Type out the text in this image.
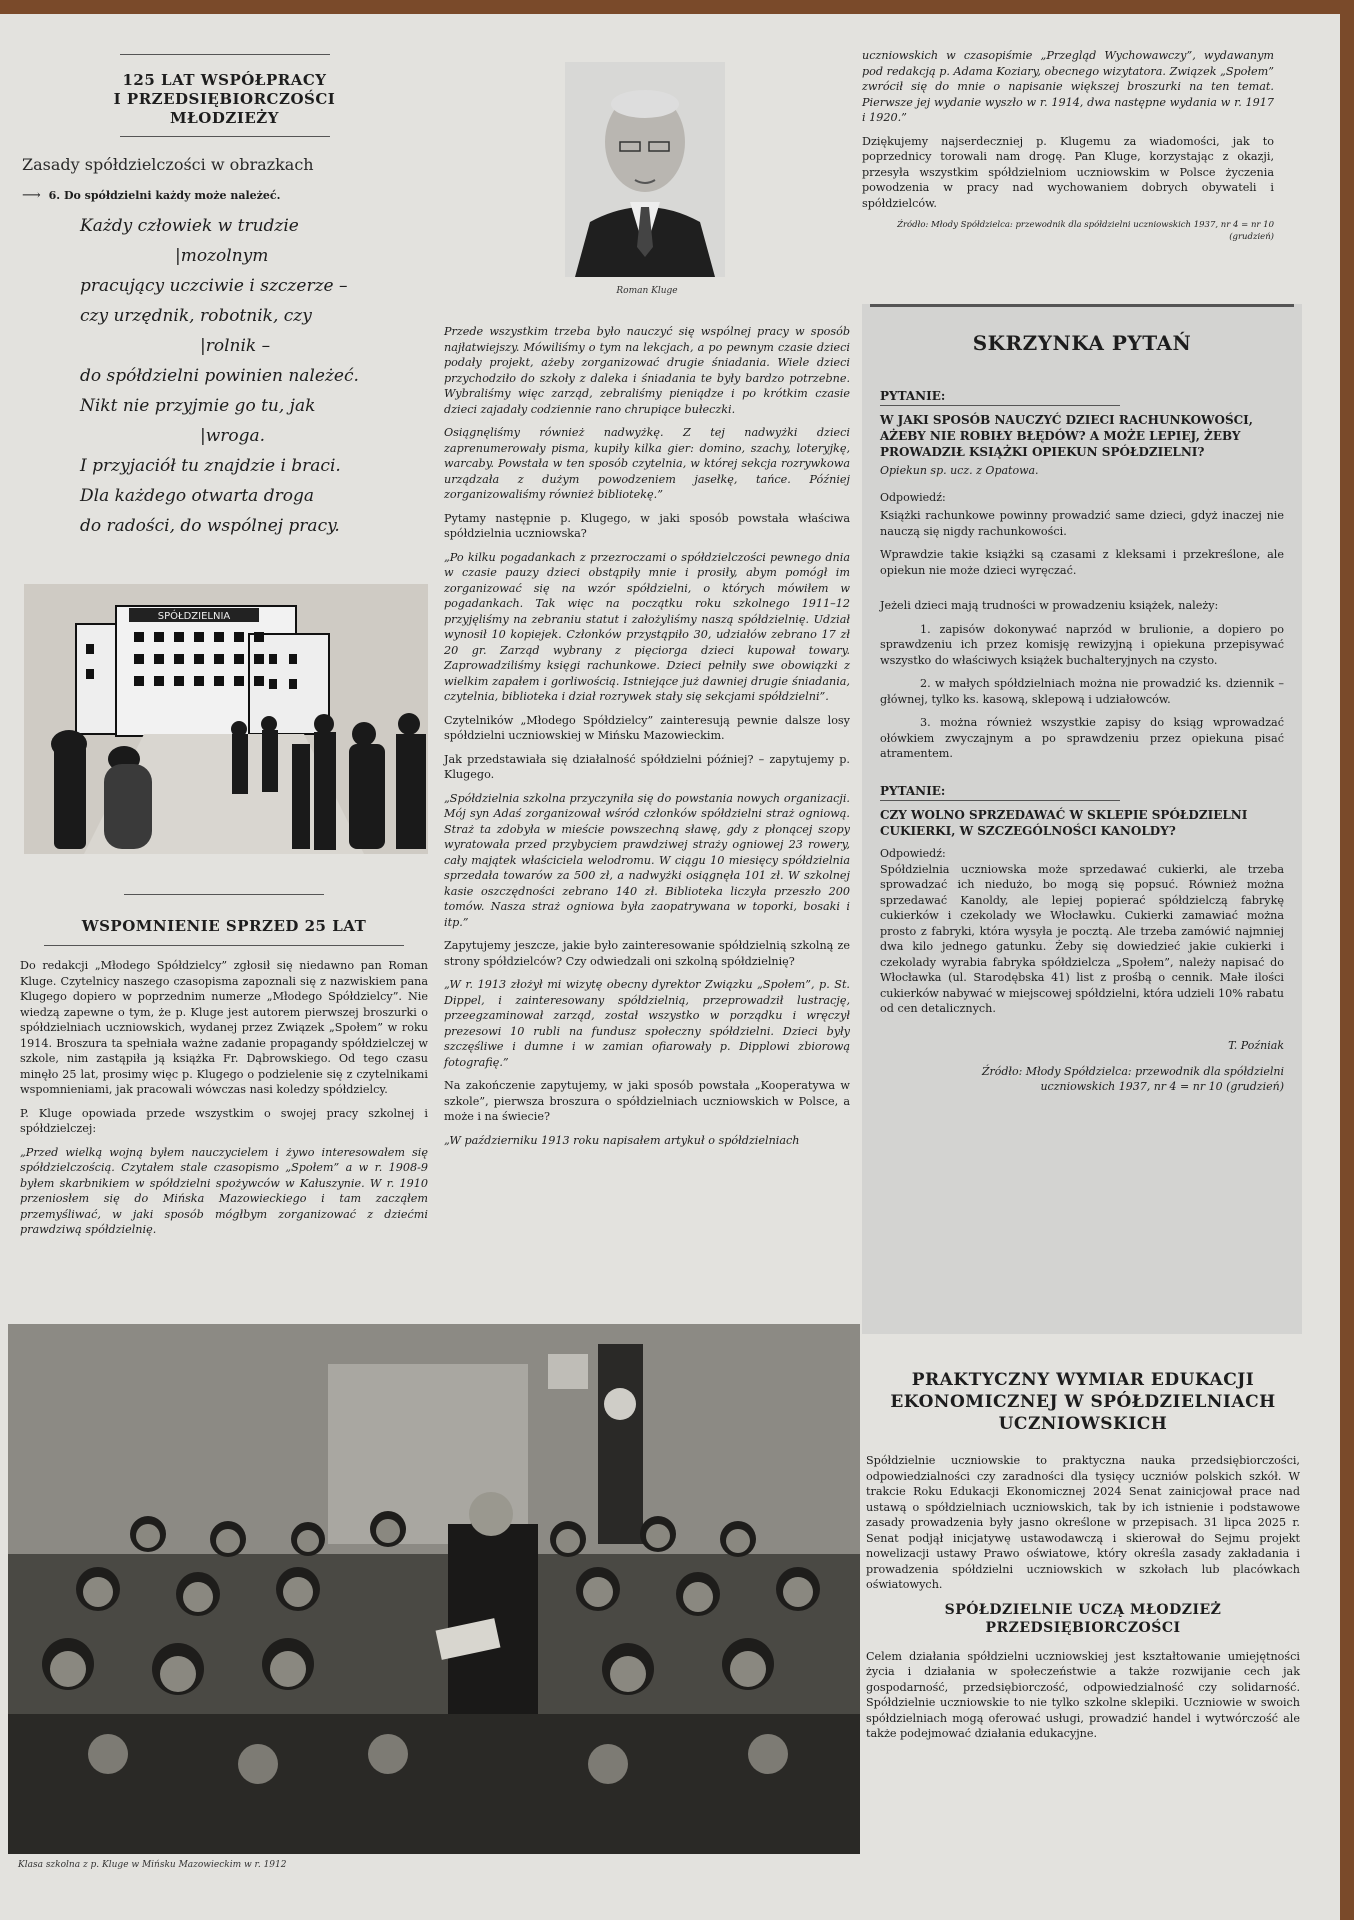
125 LAT WSPÓŁPRACY
I PRZEDSIĘBIORCZOŚCI
MŁODZIEŻY
Zasady spółdzielczości w obrazkach
⟶ 6. Do spółdzielni każdy może należeć.
Każdy człowiek w trudzie
|mozolnym
pracujący uczciwie i szczerze –
czy urzędnik, robotnik, czy
|rolnik –
do spółdzielni powinien należeć.
Nikt nie przyjmie go tu, jak
|wroga.
I przyjaciół tu znajdzie i braci.
Dla każdego otwarta droga
do radości, do wspólnej pracy.
SPÓŁDZIELNIA
WSPOMNIENIE SPRZED 25 LAT

Do redakcji „Młodego Spółdzielcy” zgłosił się niedawno pan Roman Kluge. Czytelnicy naszego czasopisma zapoznali się z nazwiskiem pana Klugego dopiero w poprzednim numerze „Młodego Spółdzielcy”. Nie wiedzą zapewne o tym, że p. Kluge jest autorem pierwszej broszurki o spółdzielniach uczniowskich, wydanej przez Związek „Społem” w roku 1914. Broszura ta spełniała ważne zadanie propagandy spółdzielczej w szkole, nim zastąpiła ją książka Fr. Dąbrowskiego. Od tego czasu minęło 25 lat, prosimy więc p. Klugego o podzielenie się z czytelnikami wspomnieniami, jak pracowali wówczas nasi koledzy spółdzielcy.

P. Kluge opowiada przede wszystkim o swojej pracy szkolnej i spółdzielczej:

„Przed wielką wojną byłem nauczycielem i żywo interesowałem się spółdzielczością. Czytałem stale czasopismo „Społem” a w r. 1908-9 byłem skarbnikiem w spółdzielni spożywców w Kałuszynie. W r. 1910 przeniosłem się do Mińska Mazowieckiego i tam zacząłem przemyśliwać, w jaki sposób mógłbym zorganizować z dziećmi prawdziwą spółdzielnię.

Roman Kluge

Przede wszystkim trzeba było nauczyć się wspólnej pracy w sposób najłatwiejszy. Mówiliśmy o tym na lekcjach, a po pewnym czasie dzieci podały projekt, ażeby zorganizować drugie śniadania. Wiele dzieci przychodziło do szkoły z daleka i śniadania te były bardzo potrzebne. Wybraliśmy więc zarząd, zebraliśmy pieniądze i po krótkim czasie dzieci zajadały codziennie rano chrupiące bułeczki.

Osiągnęliśmy również nadwyżkę. Z tej nadwyżki dzieci zaprenumerowały pisma, kupiły kilka gier: domino, szachy, loteryjkę, warcaby. Powstała w ten sposób czytelnia, w której sekcja rozrywkowa urządzała z dużym powodzeniem jasełkę, tańce. Później zorganizowaliśmy również bibliotekę.”

Pytamy następnie p. Klugego, w jaki sposób powstała właściwa spółdzielnia uczniowska?

„Po kilku pogadankach z przezroczami o spółdzielczości pewnego dnia w czasie pauzy dzieci obstąpiły mnie i prosiły, abym pomógł im zorganizować się na wzór spółdzielni, o których mówiłem w pogadankach. Tak więc na początku roku szkolnego 1911–12 przyjęliśmy na zebraniu statut i założyliśmy naszą spółdzielnię. Udział wynosił 10 kopiejek. Członków przystąpiło 30, udziałów zebrano 17 zł 20 gr. Zarząd wybrany z pięciorga dzieci kupował towary. Zaprowadziliśmy księgi rachunkowe. Dzieci pełniły swe obowiązki z wielkim zapałem i gorliwością. Istniejące już dawniej drugie śniadania, czytelnia, biblioteka i dział rozrywek stały się sekcjami spółdzielni”.

Czytelników „Młodego Spółdzielcy” zainteresują pewnie dalsze losy spółdzielni uczniowskiej w Mińsku Mazowieckim.

Jak przedstawiała się działalność spółdzielni później? – zapytujemy p. Klugego.

„Spółdzielnia szkolna przyczyniła się do powstania nowych organizacji. Mój syn Adaś zorganizował wśród członków spółdzielni straż ogniową. Straż ta zdobyła w mieście powszechną sławę, gdy z płonącej szopy wyratowała przed przybyciem prawdziwej straży ogniowej 23 rowery, cały majątek właściciela welodromu. W ciągu 10 miesięcy spółdzielnia sprzedała towarów za 500 zł, a nadwyżki osiągnęła 101 zł. W szkolnej kasie oszczędności zebrano 140 zł. Biblioteka liczyła przeszło 200 tomów. Nasza straż ogniowa była zaopatrywana w toporki, bosaki i itp.”

Zapytujemy jeszcze, jakie było zainteresowanie spółdzielnią szkolną ze strony spółdzielców? Czy odwiedzali oni szkolną spółdzielnię?

„W r. 1913 złożył mi wizytę obecny dyrektor Związku „Społem”, p. St. Dippel, i zainteresowany spółdzielnią, przeprowadził lustrację, przeegzaminował zarząd, został wszystko w porządku i wręczył prezesowi 10 rubli na fundusz społeczny spółdzielni. Dzieci były szczęśliwe i dumne i w zamian ofiarowały p. Dipplowi zbiorową fotografię.”

Na zakończenie zapytujemy, w jaki sposób powstała „Kooperatywa w szkole”, pierwsza broszura o spółdzielniach uczniowskich w Polsce, a może i na świecie?

„W październiku 1913 roku napisałem artykuł o spółdzielniach

uczniowskich w czasopiśmie „Przegląd Wychowawczy”, wydawanym pod redakcją p. Adama Koziary, obecnego wizytatora. Związek „Społem” zwrócił się do mnie o napisanie większej broszurki na ten temat. Pierwsze jej wydanie wyszło w r. 1914, dwa następne wydania w r. 1917 i 1920.”

Dziękujemy najserdeczniej p. Klugemu za wiadomości, jak to poprzednicy torowali nam drogę. Pan Kluge, korzystając z okazji, przesyła wszystkim spółdzielniom uczniowskim w Polsce życzenia powodzenia w pracy nad wychowaniem dobrych obywateli i spółdzielców.

Źródło: Młody Spółdzielca: przewodnik dla spółdzielni uczniowskich 1937, nr 4 = nr 10 (grudzień)

SKRZYNKA PYTAŃ
PYTANIE:
W JAKI SPOSÓB NAUCZYĆ DZIECI RACHUNKOWOŚCI, AŻEBY NIE ROBIŁY BŁĘDÓW? A MOŻE LEPIEJ, ŻEBY PROWADZIŁ KSIĄŻKI OPIEKUN SPÓŁDZIELNI?
Opiekun sp. ucz. z Opatowa.
Odpowiedź:

Książki rachunkowe powinny prowadzić same dzieci, gdyż inaczej nie nauczą się nigdy rachunkowości.

Wprawdzie takie książki są czasami z kleksami i przekreślone, ale opiekun nie może dzieci wyręczać.

Jeżeli dzieci mają trudności w prowadzeniu książek, należy:

1. zapisów dokonywać naprzód w brulionie, a dopiero po sprawdzeniu ich przez komisję rewizyjną i opiekuna przepisywać wszystko do właściwych książek buchalteryjnych na czysto.

2. w małych spółdzielniach można nie prowadzić ks. dziennik – głównej, tylko ks. kasową, sklepową i udziałowców.

3. można również wszystkie zapisy do ksiąg wprowadzać ołówkiem zwyczajnym a po sprawdzeniu przez opiekuna pisać atramentem.

PYTANIE:
CZY WOLNO SPRZEDAWAĆ W SKLEPIE SPÓŁDZIELNI CUKIERKI, W SZCZEGÓLNOŚCI KANOLDY?
Odpowiedź:

Spółdzielnia uczniowska może sprzedawać cukierki, ale trzeba sprowadzać ich niedużo, bo mogą się popsuć. Również można sprzedawać Kanoldy, ale lepiej popierać spółdzielczą fabrykę cukierków i czekolady we Włocławku. Cukierki zamawiać można prosto z fabryki, która wysyła je pocztą. Ale trzeba zamówić najmniej dwa kilo jednego gatunku. Żeby się dowiedzieć jakie cukierki i czekolady wyrabia fabryka spółdzielcza „Społem”, należy napisać do Włocławka (ul. Starodębska 41) list z prośbą o cennik. Małe ilości cukierków nabywać w miejscowej spółdzielni, która udzieli 10% rabatu od cen detalicznych.

T. Poźniak
Źródło: Młody Spółdzielca: przewodnik dla spółdzielni uczniowskich 1937, nr 4 = nr 10 (grudzień)
PRAKTYCZNY WYMIAR EDUKACJI
EKONOMICZNEJ W SPÓŁDZIELNIACH
UCZNIOWSKICH

Spółdzielnie uczniowskie to praktyczna nauka przedsiębiorczości, odpowiedzialności czy zaradności dla tysięcy uczniów polskich szkół. W trakcie Roku Edukacji Ekonomicznej 2024 Senat zainicjował prace nad ustawą o spółdzielniach uczniowskich, tak by ich istnienie i podstawowe zasady prowadzenia były jasno określone w przepisach. 31 lipca 2025 r. Senat podjął inicjatywę ustawodawczą i skierował do Sejmu projekt nowelizacji ustawy Prawo oświatowe, który określa zasady zakładania i prowadzenia spółdzielni uczniowskich w szkołach lub placówkach oświatowych.

SPÓŁDZIELNIE UCZĄ MŁODZIEŻ
PRZEDSIĘBIORCZOŚCI

Celem działania spółdzielni uczniowskiej jest kształtowanie umiejętności życia i działania w społeczeństwie a także rozwijanie cech jak gospodarność, przedsiębiorczość, odpowiedzialność czy solidarność. Spółdzielnie uczniowskie to nie tylko szkolne sklepiki. Uczniowie w swoich spółdzielniach mogą oferować usługi, prowadzić handel i wytwórczość ale także podejmować działania edukacyjne.

Klasa szkolna z p. Kluge w Mińsku Mazowieckim w r. 1912
